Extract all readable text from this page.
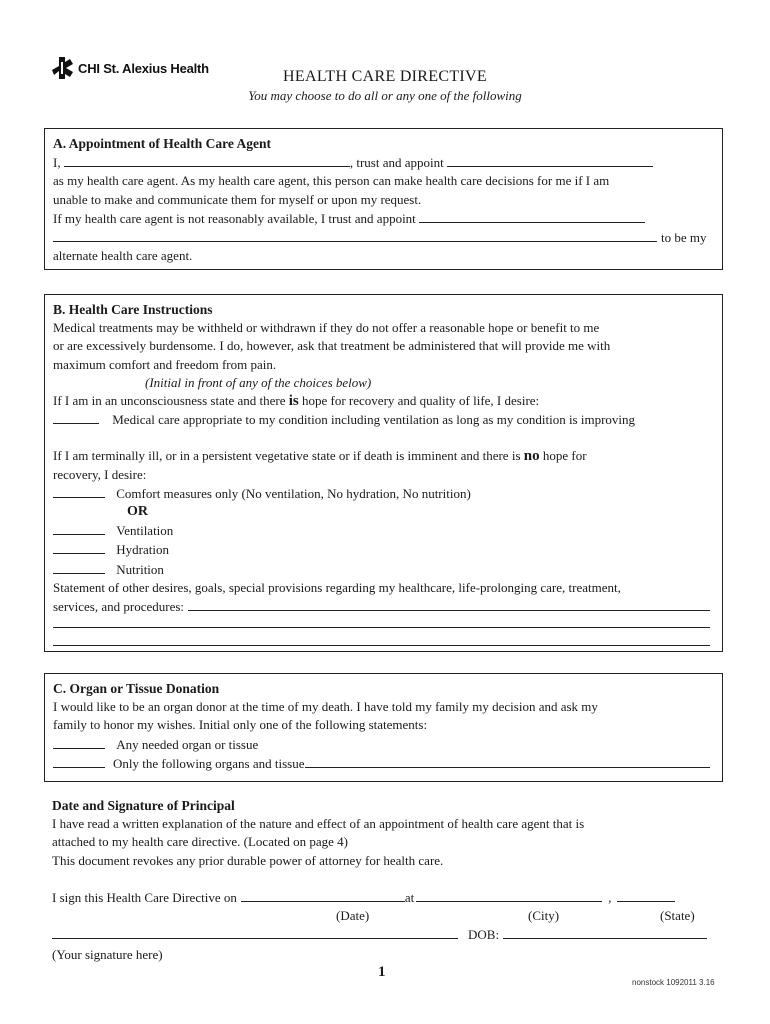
CHI St. Alexius Health	HEALTH CARE DIRECTIVE
You may choose to do all or any one of the following
A. Appointment of Health Care Agent
I,	, trust and appoint
as my health care agent. As my health care agent, this person can make health care decisions for me if I am
unable to make and communicate them for myself or upon my request.
If my health care agent is not reasonably available, I trust and appoint
to be my
alternate health care agent.
B. Health Care Instructions
Medical treatments may be withheld or withdrawn if they do not offer a reasonable hope or benefit to me
or are excessively burdensome. I do, however, ask that treatment be administered that will provide me with
maximum comfort and freedom from pain.
(Initial in front of any of the choices below)
If I am in an unconsciousness state and there is hope for recovery and quality of life, I desire:
Medical care appropriate to my condition including ventilation as long as my condition is improving
If I am terminally ill, or in a persistent vegetative state or if death is imminent and there is no hope for
recovery, I desire:
Comfort measures only (No ventilation, No hydration, No nutrition)
OR
Ventilation
Hydration
Nutrition
Statement of other desires, goals, special provisions regarding my healthcare, life-prolonging care, treatment,
services, and procedures:
C. Organ or Tissue Donation
I would like to be an organ donor at the time of my death. I have told my family my decision and ask my
family to honor my wishes. Initial only one of the following statements:
Any needed organ or tissue
Only the following organs and tissue
Date and Signature of Principal
I have read a written explanation of the nature and effect of an appointment of health care agent that is
attached to my health care directive. (Located on page 4)
This document revokes any prior durable power of attorney for health care.
I sign this Health Care Directive on	at	,
(Date)	(City)	(State)
DOB:
(Your signature here)
1
nonstock 1092011 3.16
